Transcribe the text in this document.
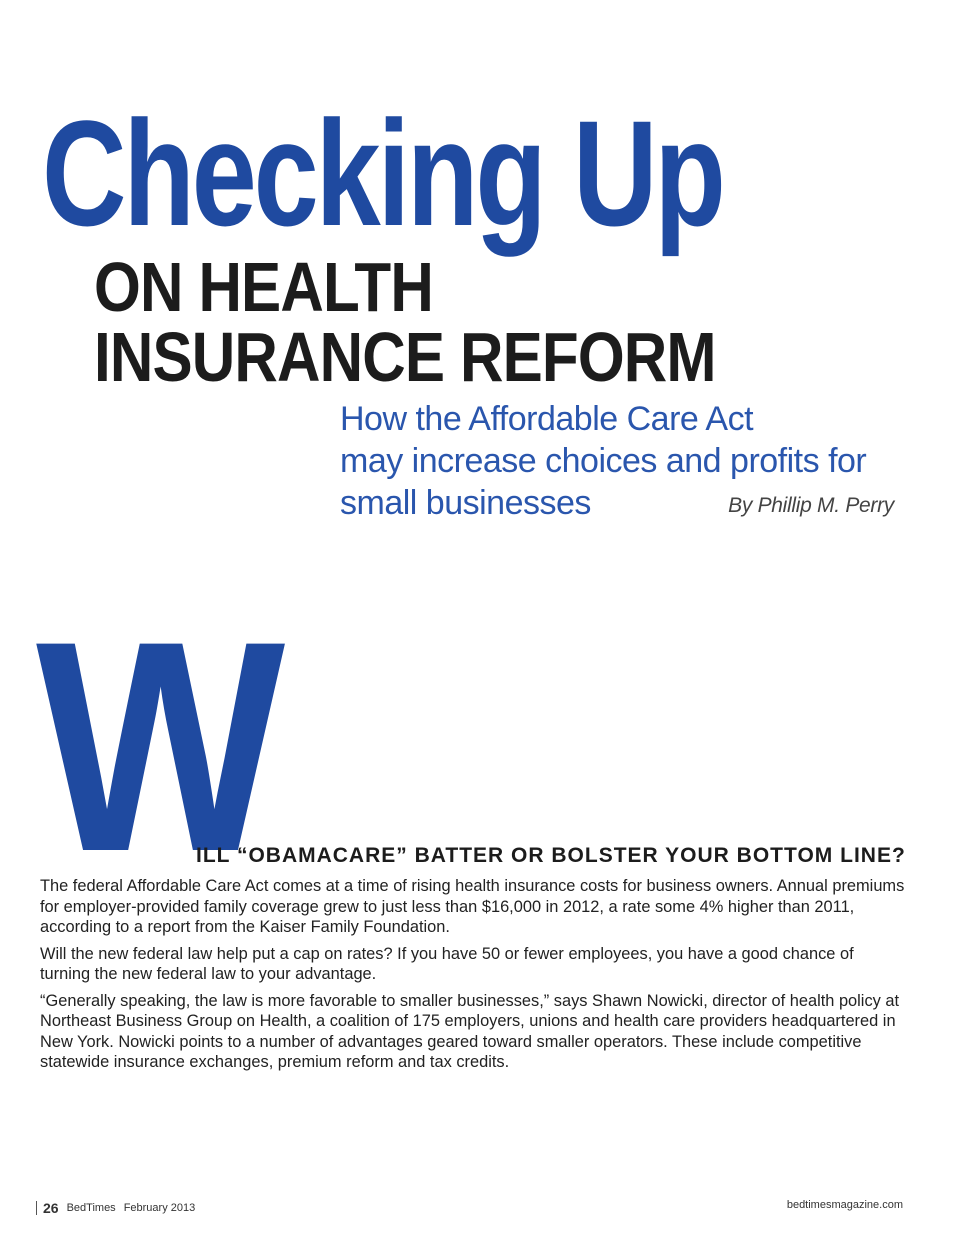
Checking Up
ON HEALTH
INSURANCE REFORM
How the Affordable Care Act
may increase choices and profits for
small businesses	By Phillip M. Perry
W
ILL “OBAMACARE” BATTER OR BOLSTER YOUR BOTTOM LINE?

The federal Affordable Care Act comes at a time of rising health insurance costs for business owners. Annual premiums for employer-provided family coverage grew to just less than $16,000 in 2012, a rate some 4% higher than 2011, according to a report from the Kaiser Family Foundation.

Will the new federal law help put a cap on rates? If you have 50 or fewer employees, you have a good chance of turning the new federal law to your advantage.

“Generally speaking, the law is more favorable to smaller businesses,” says Shawn Nowicki, director of health policy at Northeast Business Group on Health, a coalition of 175 employers, unions and health care providers headquartered in New York. Nowicki points to a number of advantages geared toward smaller operators. These include competitive statewide insurance exchanges, premium reform and tax credits.

26 BedTimes February 2013	bedtimesmagazine.com
